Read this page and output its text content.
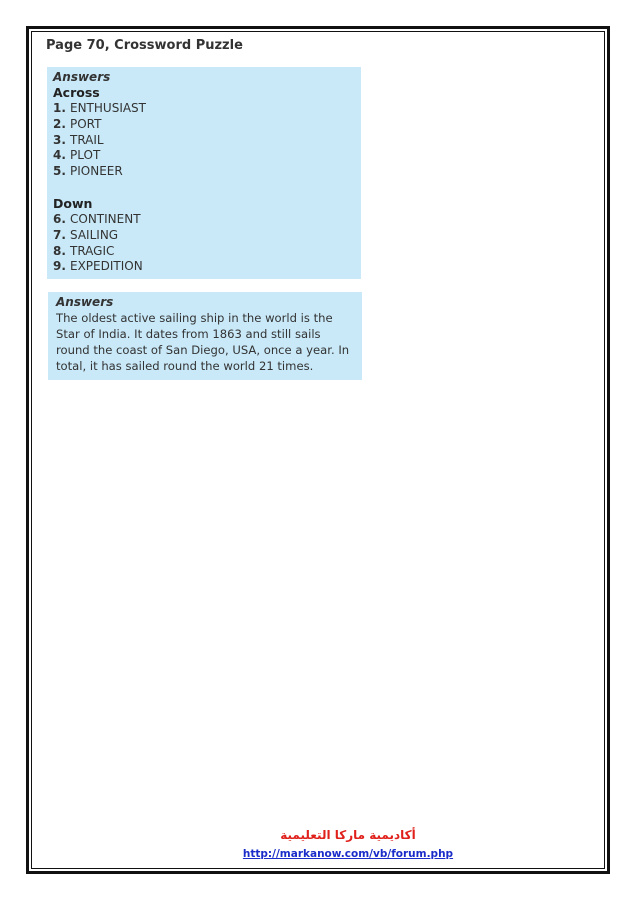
Page 70, Crossword Puzzle
Answers
Across
1. ENTHUSIAST
2. PORT
3. TRAIL
4. PLOT
5. PIONEER
Down
6. CONTINENT
7. SAILING
8. TRAGIC
9. EXPEDITION
Answers

The oldest active sailing ship in the world is the
Star of India. It dates from 1863 and still sails
round the coast of San Diego, USA, once a year. In
total, it has sailed round the world 21 times.

أكاديمية ماركا التعليمية
http://markanow.com/vb/forum.php
